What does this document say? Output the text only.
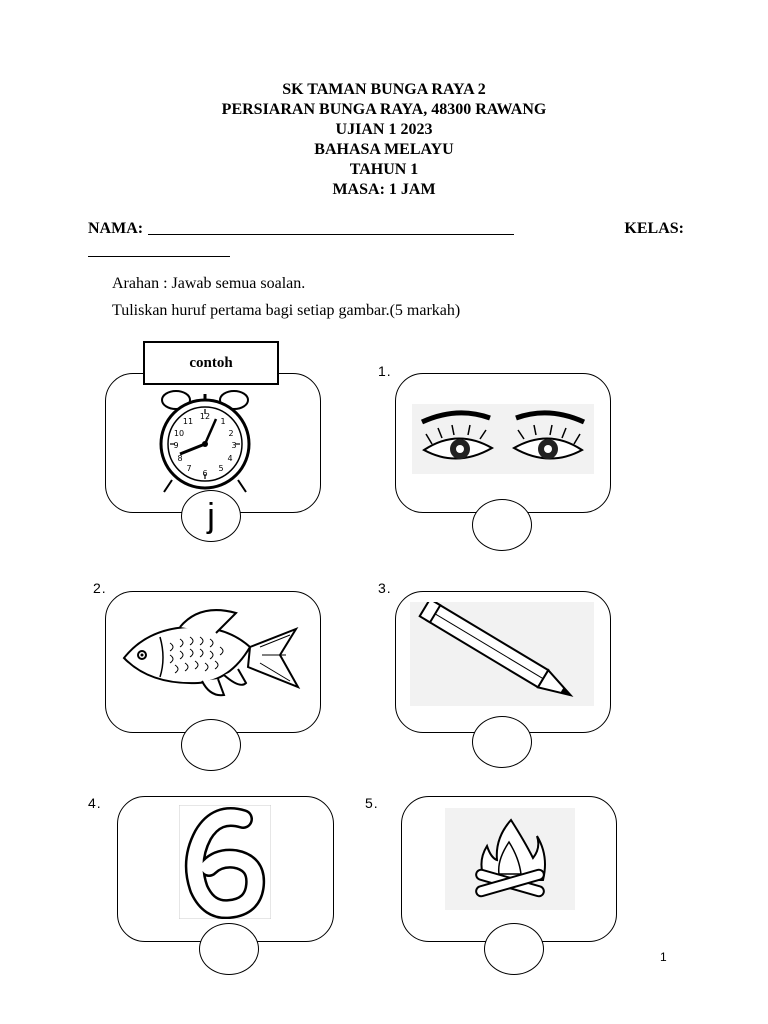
SK TAMAN BUNGA RAYA 2
PERSIARAN BUNGA RAYA, 48300 RAWANG
UJIAN 1 2023
BAHASA MELAYU
TAHUN 1
MASA: 1 JAM
NAMA:	KELAS:
Arahan : Jawab semua soalan.
Tuliskan huruf pertama bagi setiap gambar.(5 markah)
contoh
12
1
2
3
4
5
6
7
8
9
10
11
j
1.
2.	3.
4.	5.
1
